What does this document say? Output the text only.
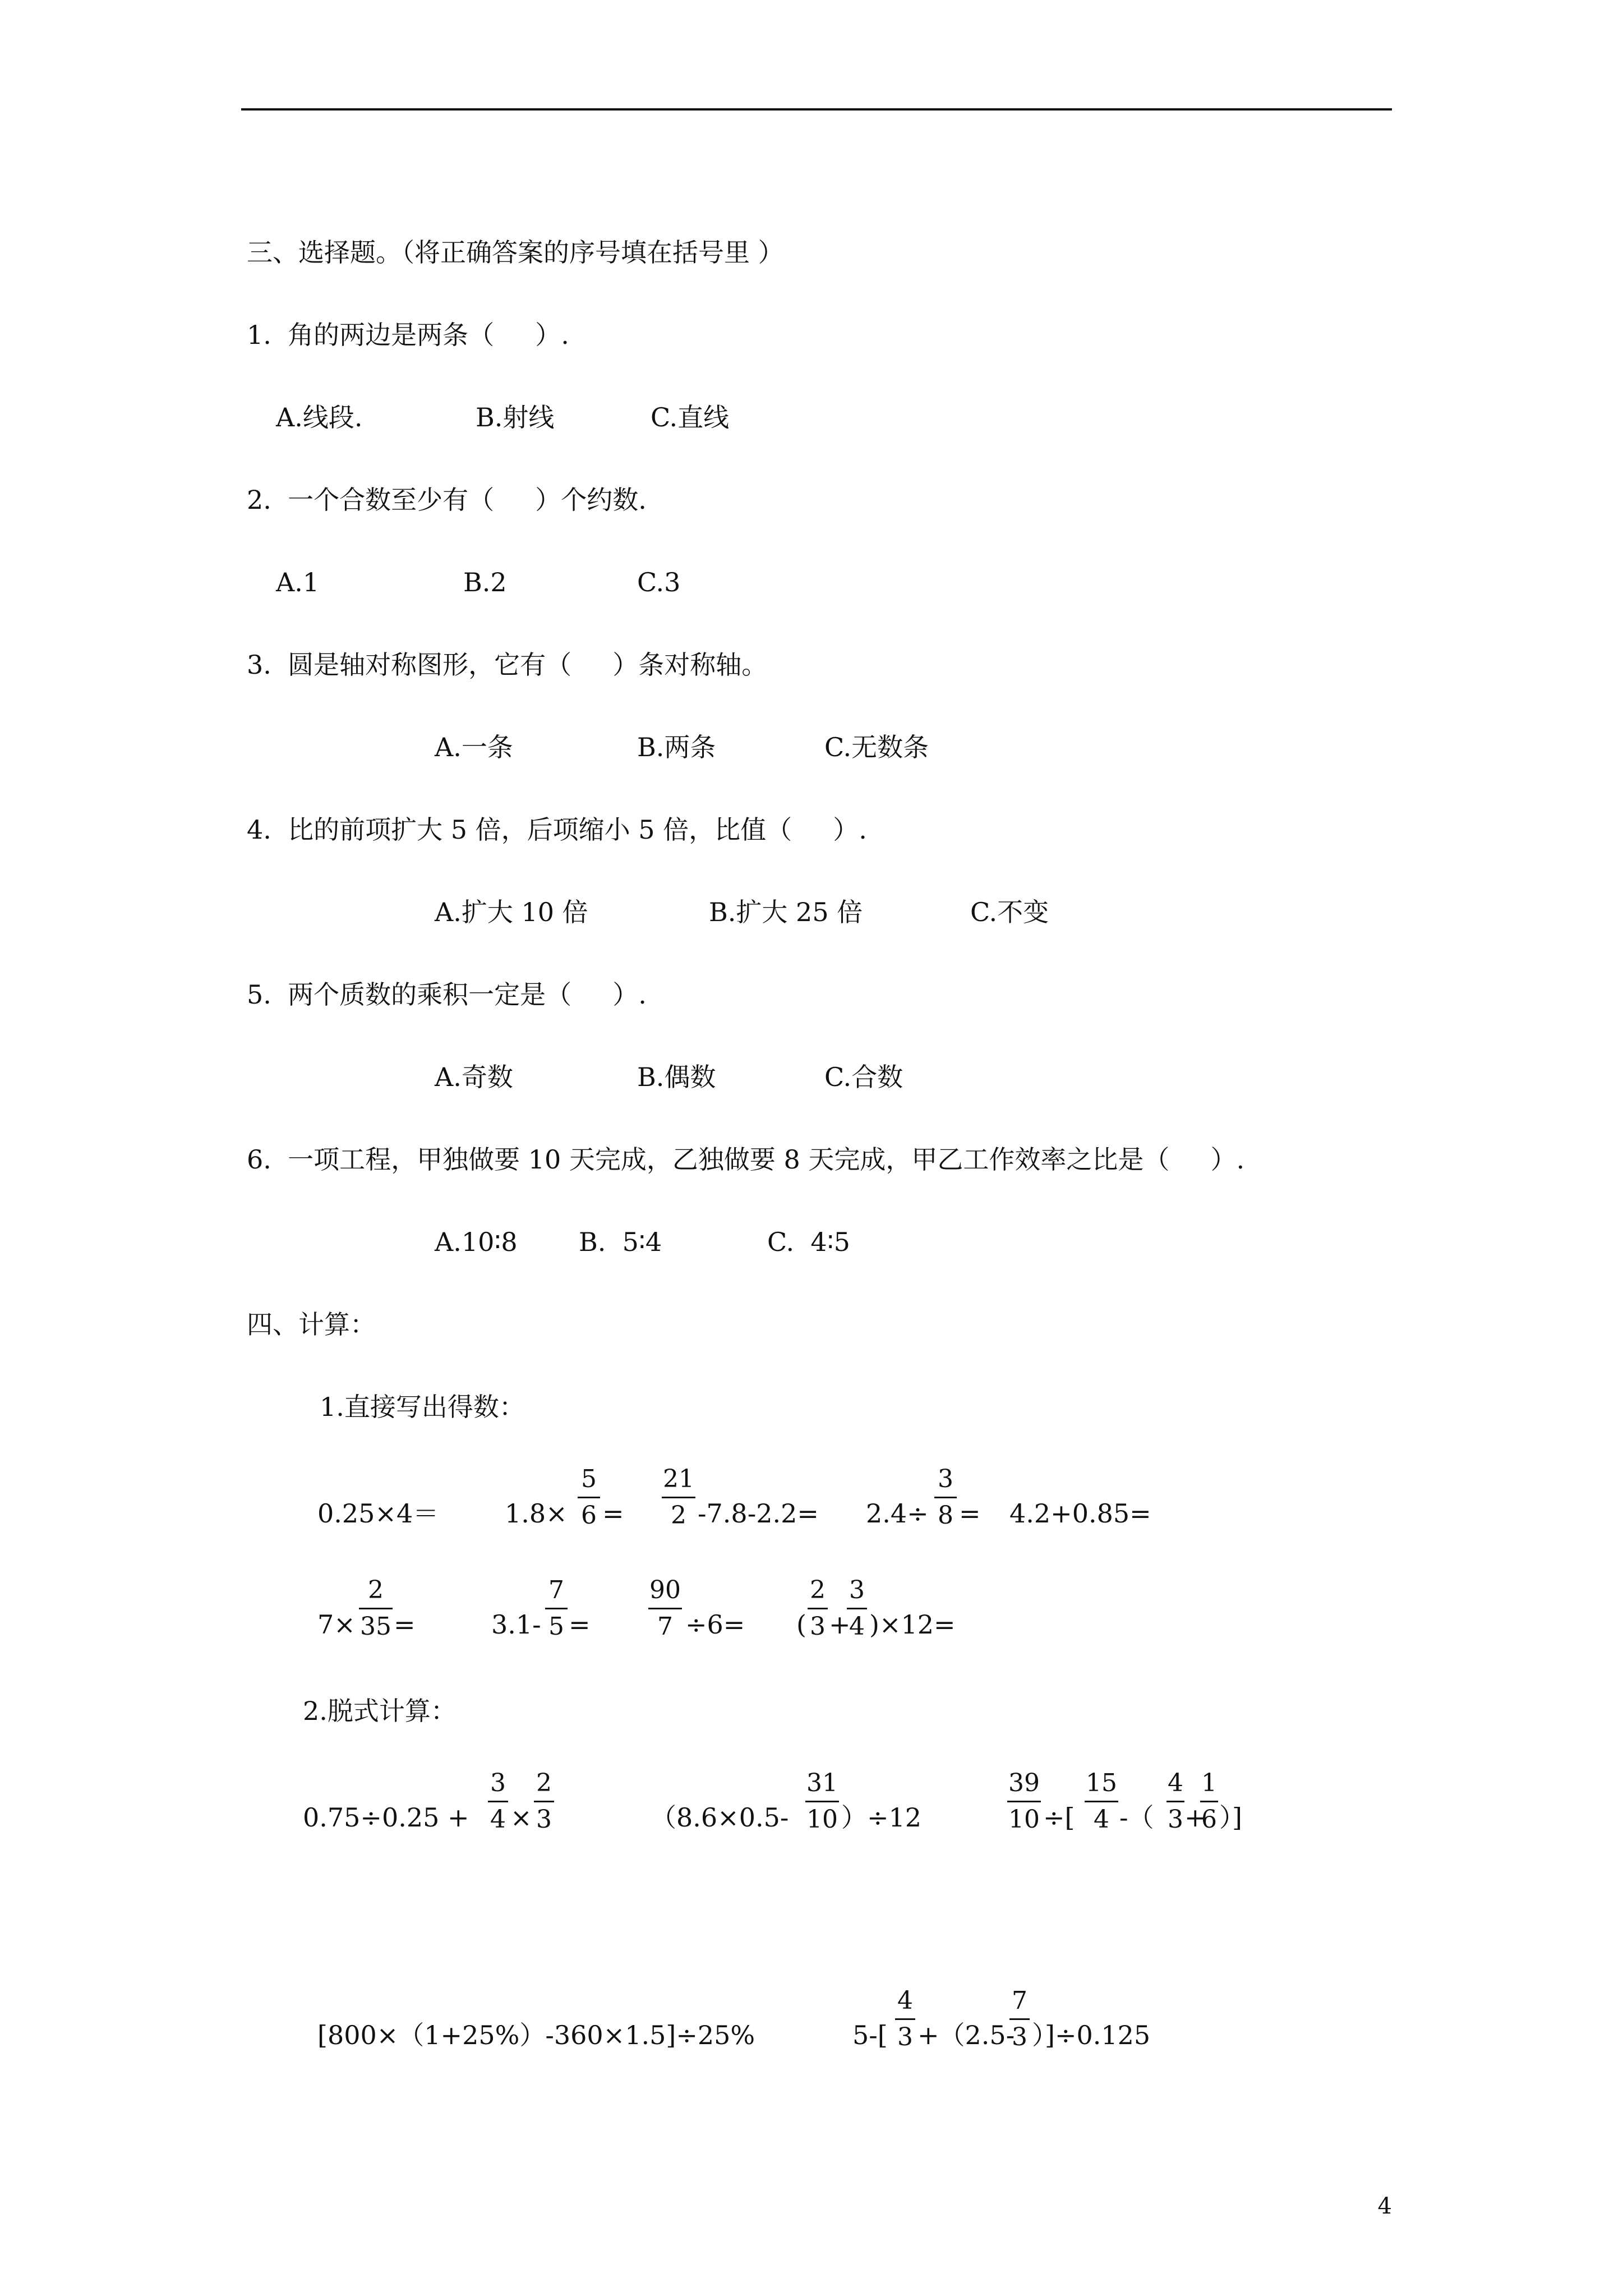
三、选择题。（将正确答案的序号填在括号里 ）
1.  角的两边是两条（     ）.
A.线段.	B.射线	C.直线
2.  一个合数至少有（     ）个约数.
A.1	B.2	C.3
3.  圆是轴对称图形，它有（     ）条对称轴。
A.一条	B.两条	C.无数条
4.  比的前项扩大 5 倍，后项缩小 5 倍，比值（     ）.
A.扩大 10 倍	B.扩大 25 倍	C.不变
5.  两个质数的乘积一定是（     ）.
A.奇数	B.偶数	C.合数
6.  一项工程，甲独做要 10 天完成，乙独做要 8 天完成，甲乙工作效率之比是（     ）.
A.10∶8 B.  5∶4	C.  4∶5
四、计算：
1.直接写出得数：
0.25×4＝	1.8×
5
6 =
21
2 -7.8-2.2= 2.4÷
3
8 = 4.2+0.85=
7×
2
35 =	3.1-
7
5 =
90
7 ÷6= (
2
3 +
3
4 )×12=
2.脱式计算：
0.75÷0.25 +
3
4 ×
2
3	（8.6×0.5-
31
10 ）÷12
39
10 ÷[
15
4 -（
4
3 +
1
6 ）]
[800×（1+25%）-360×1.5]÷25%	5-[
4
3 +（2.5-
7
3 ）]÷0.125
4
